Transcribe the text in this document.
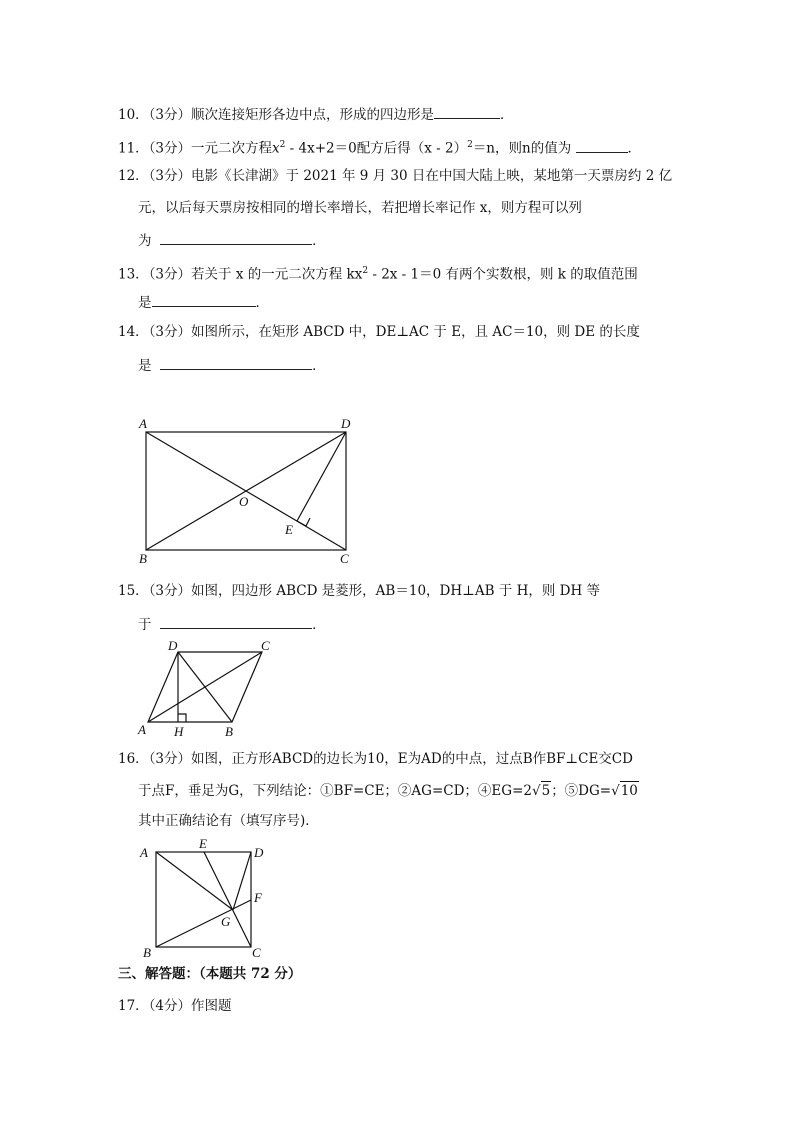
10．（3分）顺次连接矩形各边中点，形成的四边形是	．
11．（3分）一元二次方程$x^2 - 4x+2=0$配方后得（x - 2）$^2$＝n，则n的值为	．
12．（3分）电影《长津湖》于 2021 年 9 月 30 日在中国大陆上映，某地第一天票房约 2 亿
元，以后每天票房按相同的增长率增长，若把增长率记作 x，则方程可以列
为	．
13．（3分）若关于 x 的一元二次方程 $kx^2 - 2x - 1=0$ 有两个实数根，则 k 的取值范围
是	．
14．（3分）如图所示，在矩形 ABCD 中，DE⊥AC 于 E，且 AC＝10，则 DE 的长度
是	．
A	D
B	C
O
E
15．（3分）如图，四边形 ABCD 是菱形，AB＝10，DH⊥AB 于 H，则 DH 等
于	．
D	C
A H	B
16．（3分）如图，正方形ABCD的边长为10，E为AD的中点，过点B作BF⊥CE交CD
于点F，垂足为G，下列结论：①BF=CE；②AG=CD；④EG=2√5；⑤DG=√10
其中正确结论有（填写序号)．
A
E
D
F
G
B	C
三、解答题：（本题共 72 分）
17．（4分）作图题
